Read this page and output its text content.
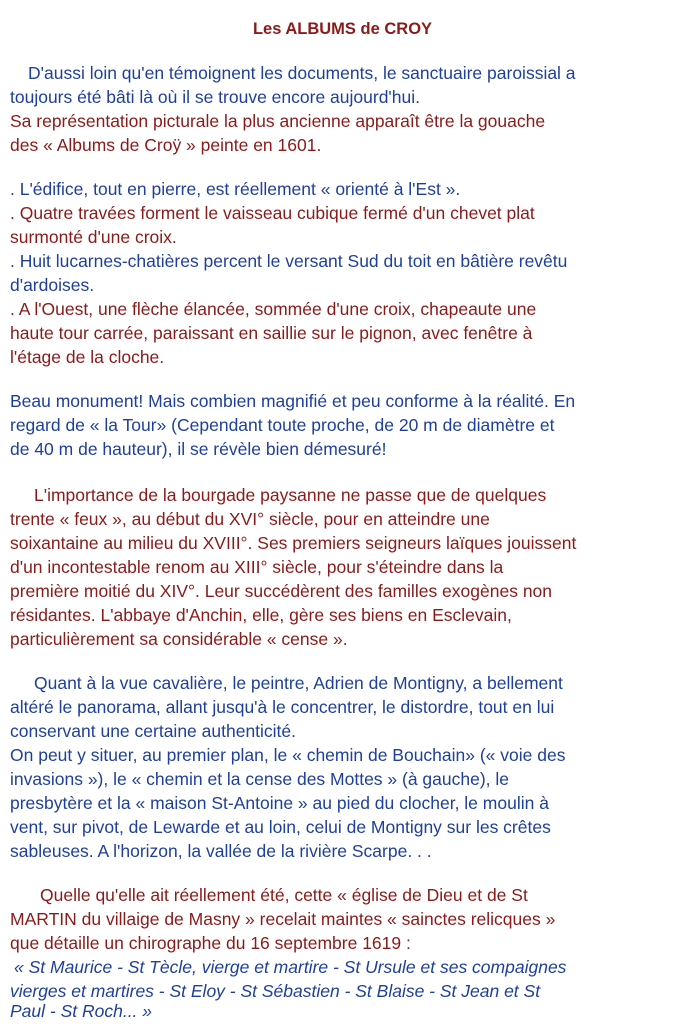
Les ALBUMS de CROY
D'aussi loin qu'en témoignent les documents, le sanctuaire paroissial a
toujours été bâti là où il se trouve encore aujourd'hui.
Sa représentation picturale la plus ancienne apparaît être la gouache
des « Albums de Croÿ » peinte en 1601.
. L'édifice, tout en pierre, est réellement « orienté à l'Est ».
. Quatre travées forment le vaisseau cubique fermé d'un chevet plat
surmonté d'une croix.
. Huit lucarnes-chatières percent le versant Sud du toit en bâtière revêtu
d'ardoises.
. A l'Ouest, une flèche élancée, sommée d'une croix, chapeaute une
haute tour carrée, paraissant en saillie sur le pignon, avec fenêtre à
l'étage de la cloche.
Beau monument! Mais combien magnifié et peu conforme à la réalité. En
regard de « la Tour» (Cependant toute proche, de 20 m de diamètre et
de 40 m de hauteur), il se révèle bien démesuré!
L'importance de la bourgade paysanne ne passe que de quelques
trente « feux », au début du XVI° siècle, pour en atteindre une
soixantaine au milieu du XVIII°. Ses premiers seigneurs laïques jouissent
d'un incontestable renom au XIII° siècle, pour s'éteindre dans la
première moitié du XIV°. Leur succédèrent des familles exogènes non
résidantes. L'abbaye d'Anchin, elle, gère ses biens en Esclevain,
particulièrement sa considérable « cense ».
Quant à la vue cavalière, le peintre, Adrien de Montigny, a bellement
altéré le panorama, allant jusqu'à le concentrer, le distordre, tout en lui
conservant une certaine authenticité.
On peut y situer, au premier plan, le « chemin de Bouchain» (« voie des
invasions »), le « chemin et la cense des Mottes » (à gauche), le
presbytère et la « maison St-Antoine » au pied du clocher, le moulin à
vent, sur pivot, de Lewarde et au loin, celui de Montigny sur les crêtes
sableuses. A l'horizon, la vallée de la rivière Scarpe. . .
Quelle qu'elle ait réellement été, cette « église de Dieu et de St
MARTIN du villaige de Masny » recelait maintes « sainctes relicques »
que détaille un chirographe du 16 septembre 1619 :
« St Maurice - St Tècle, vierge et martire - St Ursule et ses compaignes
vierges et martires - St Eloy - St Sébastien - St Blaise - St Jean et St
Paul - St Roch... »
